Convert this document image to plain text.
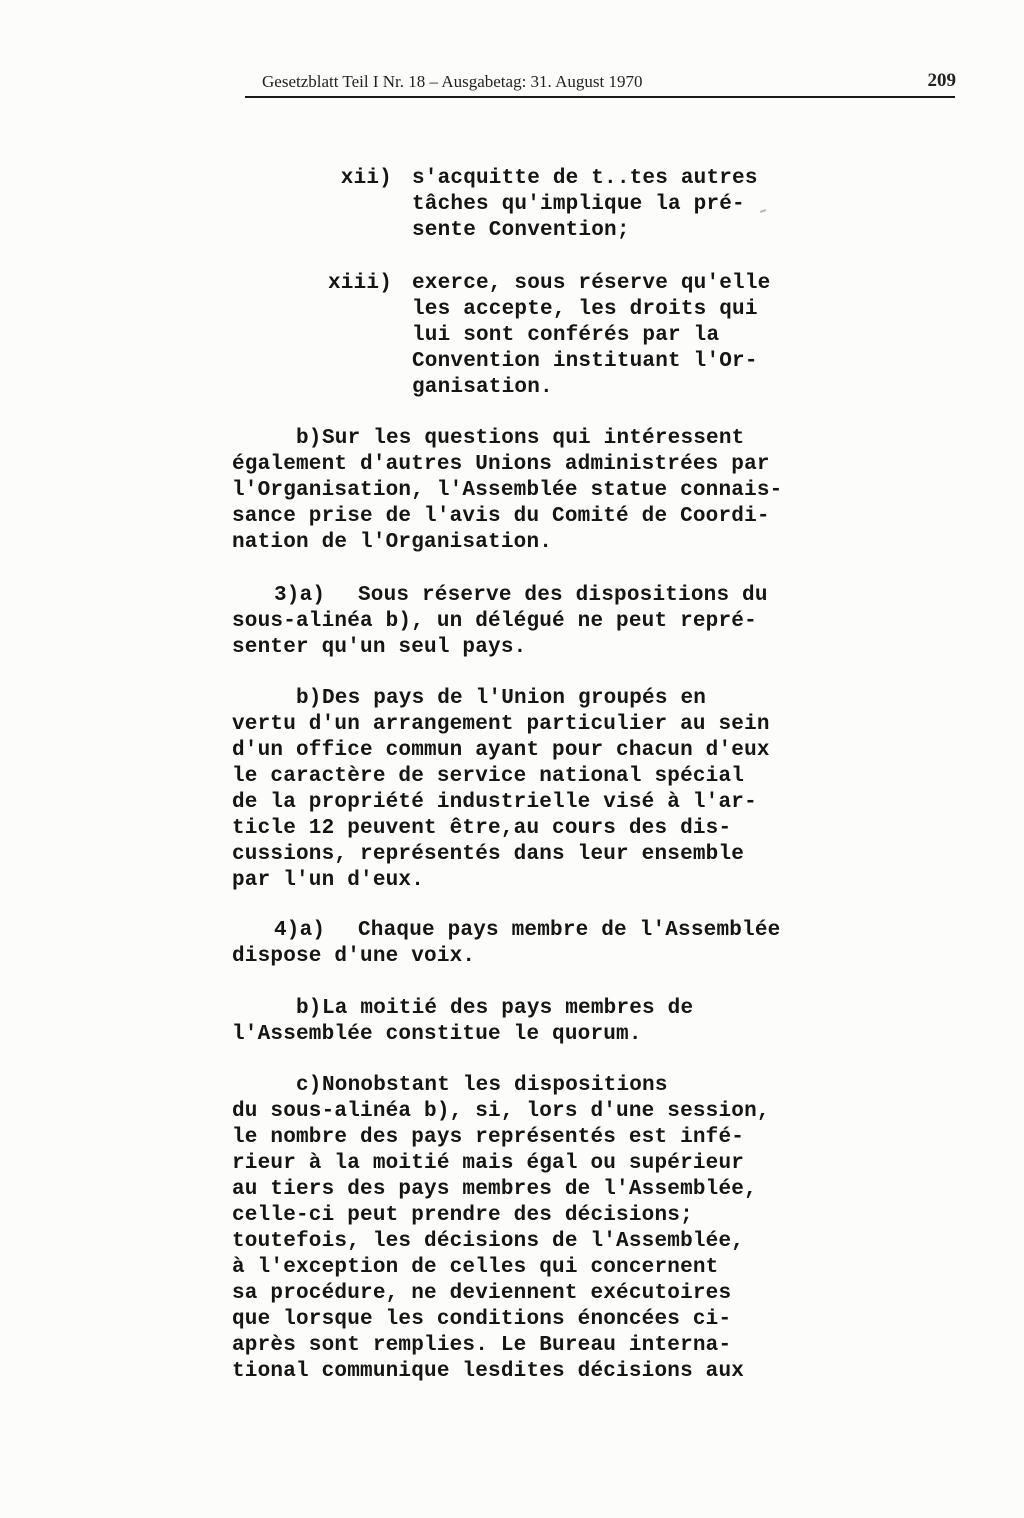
Gesetzblatt Teil I Nr. 18 – Ausgabetag: 31. August 1970	209
xii) s'acquitte de t..tes autres
tâches qu'implique la pré-
sente Convention;
xiii) exerce, sous réserve qu'elle
les accepte, les droits qui
lui sont conférés par la
Convention instituant l'Or-
ganisation.
b)Sur les questions qui intéressent
également d'autres Unions administrées par
l'Organisation, l'Assemblée statue connais-
sance prise de l'avis du Comité de Coordi-
nation de l'Organisation.
3)a) Sous réserve des dispositions du
sous-alinéa b), un délégué ne peut repré-
senter qu'un seul pays.
b)Des pays de l'Union groupés en
vertu d'un arrangement particulier au sein
d'un office commun ayant pour chacun d'eux
le caractère de service national spécial
de la propriété industrielle visé à l'ar-
ticle 12 peuvent être,au cours des dis-
cussions, représentés dans leur ensemble
par l'un d'eux.
4)a) Chaque pays membre de l'Assemblée
dispose d'une voix.
b)La moitié des pays membres de
l'Assemblée constitue le quorum.
c)Nonobstant les dispositions
du sous-alinéa b), si, lors d'une session,
le nombre des pays représentés est infé-
rieur à la moitié mais égal ou supérieur
au tiers des pays membres de l'Assemblée,
celle-ci peut prendre des décisions;
toutefois, les décisions de l'Assemblée,
à l'exception de celles qui concernent
sa procédure, ne deviennent exécutoires
que lorsque les conditions énoncées ci-
après sont remplies. Le Bureau interna-
tional communique lesdites décisions aux
